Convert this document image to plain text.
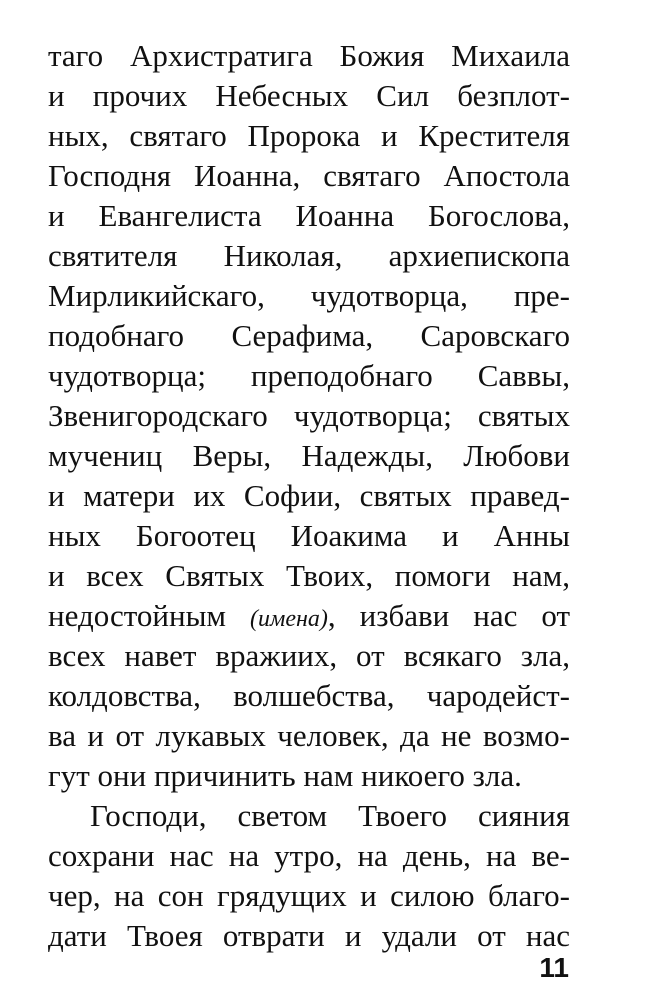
таго Архистратига Божия Михаила
и прочих Небесных Сил безплот-
ных, святаго Пророка и Крестителя
Господня Иоанна, святаго Апостола
и Евангелиста Иоанна Богослова,
святителя Николая, архиепископа
Мирликийскаго, чудотворца, пре-
подобнаго Серафима, Саровскаго
чудотворца; преподобнаго Саввы,
Звенигородскаго чудотворца; святых
мучениц Веры, Надежды, Любови
и матери их Софии, святых правед-
ных Богоотец Иоакима и Анны
и всех Святых Твоих, помоги нам,
недостойным (имена), избави нас от
всех навет вражиих, от всякаго зла,
колдовства, волшебства, чародейст-
ва и от лукавых человек, да не возмо-
гут они причинить нам никоего зла.
Господи, светом Твоего сияния
сохрани нас на утро, на день, на ве-
чер, на сон грядущих и силою благо-
дати Твоея отврати и удали от нас
11
